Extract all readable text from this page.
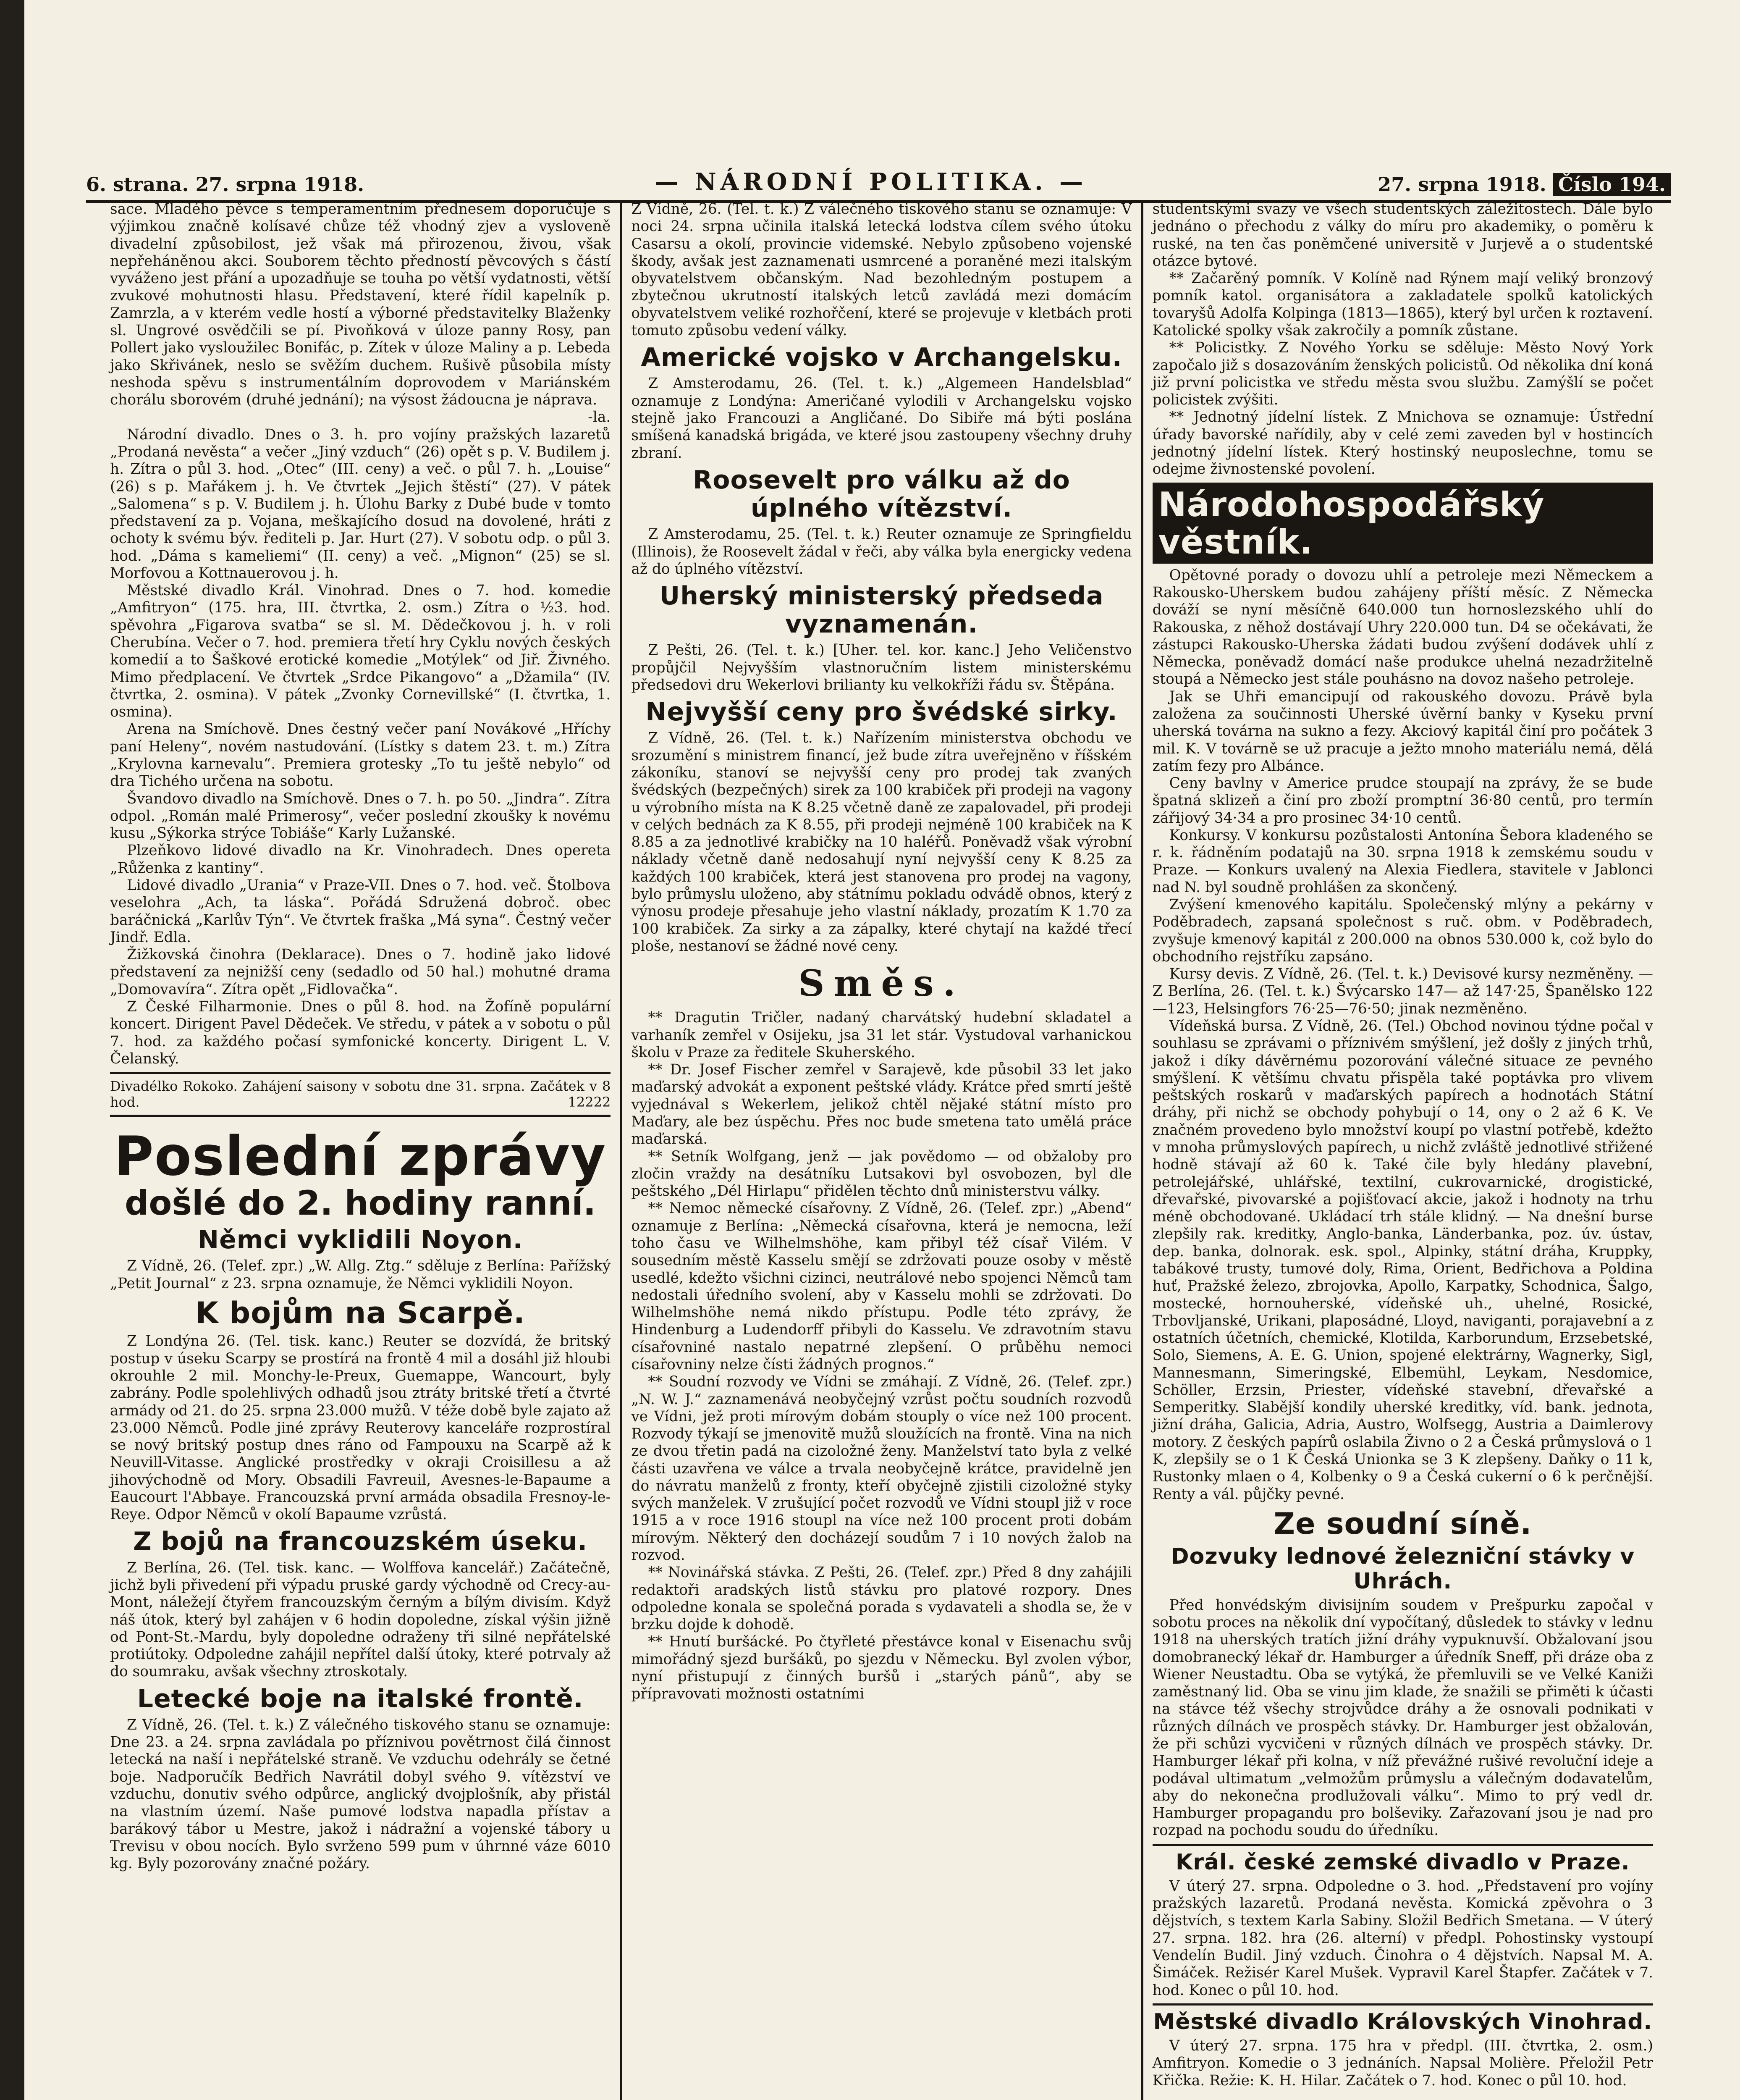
6. strana. 27. srpna 1918.	— NÁRODNÍ POLITIKA. —	27. srpna 1918. Číslo 194.

sace. Mladého pěvce s temperamentním přednesem doporučuje s výjimkou značně kolísavé chůze též vhodný zjev a vysloveně divadelní způsobilost, jež však má přirozenou, živou, však nepřeháněnou akci. Souborem těchto předností pěvcových s částí vyváženo jest přání a upozadňuje se touha po větší vydatnosti, větší zvukové mohutnosti hlasu. Představení, které řídil kapelník p. Zamrzla, a v kterém vedle hostí a výborné představitelky Blaženky sl. Ungrové osvědčili se pí. Pivoňková v úloze panny Rosy, pan Pollert jako vysloužilec Bonifác, p. Zítek v úloze Maliny a p. Lebeda jako Skřivánek, neslo se svěžím duchem. Rušivě působila místy neshoda spěvu s instrumentálním doprovodem v Mariánském chorálu sborovém (druhé jednání); na výsost žádoucna je náprava.

-la.

Národní divadlo. Dnes o 3. h. pro vojíny pražských lazaretů „Prodaná nevěsta“ a večer „Jiný vzduch“ (26) opět s p. V. Budilem j. h. Zítra o půl 3. hod. „Otec“ (III. ceny) a več. o půl 7. h. „Louise“ (26) s p. Mařákem j. h. Ve čtvrtek „Jejich štěstí“ (27). V pátek „Salomena“ s p. V. Budilem j. h. Úlohu Barky z Dubé bude v tomto představení za p. Vojana, meškajícího dosud na dovolené, hráti z ochoty k svému býv. řediteli p. Jar. Hurt (27). V sobotu odp. o půl 3. hod. „Dáma s kameliemi“ (II. ceny) a več. „Mignon“ (25) se sl. Morfovou a Kottnauerovou j. h.

Městské divadlo Král. Vinohrad. Dnes o 7. hod. komedie „Amfitryon“ (175. hra, III. čtvrtka, 2. osm.) Zítra o ½3. hod. spěvohra „Figarova svatba“ se sl. M. Dědečkovou j. h. v roli Cherubína. Večer o 7. hod. premiera třetí hry Cyklu nových českých komedií a to Šaškové erotické komedie „Motýlek“ od Jiř. Živného. Mimo předplacení. Ve čtvrtek „Srdce Pikangovo“ a „Džamila“ (IV. čtvrtka, 2. osmina). V pátek „Zvonky Cornevillské“ (I. čtvrtka, 1. osmina).

Arena na Smíchově. Dnes čestný večer paní Novákové „Hříchy paní Heleny“, novém nastudování. (Lístky s datem 23. t. m.) Zítra „Krylovna karnevalu“. Premiera grotesky „To tu ještě nebylo“ od dra Tichého určena na sobotu.

Švandovo divadlo na Smíchově. Dnes o 7. h. po 50. „Jindra“. Zítra odpol. „Román malé Primerosy“, večer poslední zkoušky k novému kusu „Sýkorka strýce Tobiáše“ Karly Lužanské.

Plzeňkovo lidové divadlo na Kr. Vinohradech. Dnes opereta „Růženka z kantiny“.

Lidové divadlo „Urania“ v Praze-VII. Dnes o 7. hod. več. Štolbova veselohra „Ach, ta láska“. Pořádá Sdružená dobroč. obec baráčnická „Karlův Týn“. Ve čtvrtek fraška „Má syna“. Čestný večer Jindř. Edla.

Žižkovská činohra (Deklarace). Dnes o 7. hodině jako lidové představení za nejnižší ceny (sedadlo od 50 hal.) mohutné drama „Domovavíra“. Zítra opět „Fidlovačka“.

Z České Filharmonie. Dnes o půl 8. hod. na Žofíně populární koncert. Dirigent Pavel Dědeček. Ve středu, v pátek a v sobotu o půl 7. hod. za každého počasí symfonické koncerty. Dirigent L. V. Čelanský.

Divadélko Rokoko. Zahájení saisony v sobotu dne 31. srpna. Začátek v 8 hod.	12222
Poslední zprávy
došlé do 2. hodiny ranní.
Němci vyklidili Noyon.

Z Vídně, 26. (Telef. zpr.) „W. Allg. Ztg.“ sděluje z Berlína: Pařížský „Petit Journal“ z 23. srpna oznamuje, že Němci vyklidili Noyon.

K bojům na Scarpě.

Z Londýna 26. (Tel. tisk. kanc.) Reuter se dozvídá, že britský postup v úseku Scarpy se prostírá na frontě 4 mil a dosáhl již hloubi okrouhle 2 mil. Monchy-le-Preux, Guemappe, Wancourt, byly zabrány. Podle spolehlivých odhadů jsou ztráty britské třetí a čtvrté armády od 21. do 25. srpna 23.000 mužů. V téže době byle zajato až 23.000 Němců. Podle jiné zprávy Reuterovy kanceláře rozprostíral se nový britský postup dnes ráno od Fampouxu na Scarpě až k Neuvill-Vitasse. Anglické prostředky v okraji Croisillesu a až jihovýchodně od Mory. Obsadili Favreuil, Avesnes-le-Bapaume a Eaucourt l'Abbaye. Francouzská první armáda obsadila Fresnoy-le-Reye. Odpor Němců v okolí Bapaume vzrůstá.

Z bojů na francouzském úseku.

Z Berlína, 26. (Tel. tisk. kanc. — Wolffova kancelář.) Začátečně, jichž byli přivedení při výpadu pruské gardy východně od Crecy-au-Mont, náležejí čtyřem francouzským černým a bílým divisím. Když náš útok, který byl zahájen v 6 hodin dopoledne, získal výšin jižně od Pont-St.-Mardu, byly dopoledne odraženy tři silné nepřátelské protiútoky. Odpoledne zahájil nepřítel další útoky, které potrvaly až do soumraku, avšak všechny ztroskotaly.

Letecké boje na italské frontě.

Z Vídně, 26. (Tel. t. k.) Z válečného tiskového stanu se oznamuje: Dne 23. a 24. srpna zavládala po příznivou povětrnost čilá činnost letecká na naší i nepřátelské straně. Ve vzduchu odehrály se četné boje. Nadporučík Bedřich Navrátil dobyl svého 9. vítězství ve vzduchu, donutiv svého odpůrce, anglický dvojplošník, aby přistál na vlastním území. Naše pumové lodstva napadla přístav a barákový tábor u Mestre, jakož i nádražní a vojenské tábory u Trevisu v obou nocích. Bylo svrženo 599 pum v úhrnné váze 6010 kg. Byly pozorovány značné požáry.

Z Vídně, 26. (Tel. t. k.) Z válečného tiskového stanu se oznamuje: V noci 24. srpna učinila italská letecká lodstva cílem svého útoku Casarsu a okolí, provincie videmské. Nebylo způsobeno vojenské škody, avšak jest zaznamenati usmrcené a poraněné mezi italským obyvatelstvem občanským. Nad bezohledným postupem a zbytečnou ukrutností italských letců zavládá mezi domácím obyvatelstvem veliké rozhořčení, které se projevuje v kletbách proti tomuto způsobu vedení války.

Americké vojsko v Archangelsku.

Z Amsterodamu, 26. (Tel. t. k.) „Algemeen Handelsblad“ oznamuje z Londýna: Američané vylodili v Archangelsku vojsko stejně jako Francouzi a Angličané. Do Sibiře má býti poslána smíšená kanadská brigáda, ve které jsou zastoupeny všechny druhy zbraní.

Roosevelt pro válku až do úplného vítězství.

Z Amsterodamu, 25. (Tel. t. k.) Reuter oznamuje ze Springfieldu (Illinois), že Roosevelt žádal v řeči, aby válka byla energicky vedena až do úplného vítězství.

Uherský ministerský předseda vyznamenán.

Z Pešti, 26. (Tel. t. k.) [Uher. tel. kor. kanc.] Jeho Veličenstvo propůjčil Nejvyšším vlastnoručním listem ministerskému předsedovi dru Wekerlovi brilianty ku velkokříži řádu sv. Štěpána.

Nejvyšší ceny pro švédské sirky.

Z Vídně, 26. (Tel. t. k.) Nařízením ministerstva obchodu ve srozumění s ministrem financí, jež bude zítra uveřejněno v říšském zákoníku, stanoví se nejvyšší ceny pro prodej tak zvaných švédských (bezpečných) sirek za 100 krabiček při prodeji na vagony u výrobního místa na K 8.25 včetně daně ze zapalovadel, při prodeji v celých bednách za K 8.55, při prodeji nejméně 100 krabiček na K 8.85 a za jednotlivé krabičky na 10 haléřů. Poněvadž však výrobní náklady včetně daně nedosahují nyní nejvyšší ceny K 8.25 za každých 100 krabiček, která jest stanovena pro prodej na vagony, bylo průmyslu uloženo, aby státnímu pokladu odvádě obnos, který z výnosu prodeje přesahuje jeho vlastní náklady, prozatím K 1.70 za 100 krabiček. Za sirky a za zápalky, které chytají na každé třecí ploše, nestanoví se žádné nové ceny.

Směs.

** Dragutin Tričler, nadaný charvátský hudební skladatel a varhaník zemřel v Osijeku, jsa 31 let stár. Vystudoval varhanickou školu v Praze za ředitele Skuherského.

** Dr. Josef Fischer zemřel v Sarajevě, kde působil 33 let jako maďarský advokát a exponent peštské vlády. Krátce před smrtí ještě vyjednával s Wekerlem, jelikož chtěl nějaké státní místo pro Maďary, ale bez úspěchu. Přes noc bude smetena tato umělá práce maďarská.

** Setník Wolfgang, jenž — jak povědomo — od obžaloby pro zločin vraždy na desátníku Lutsakovi byl osvobozen, byl dle peštského „Dél Hirlapu“ přidělen těchto dnů ministerstvu války.

** Nemoc německé císařovny. Z Vídně, 26. (Telef. zpr.) „Abend“ oznamuje z Berlína: „Německá císařovna, která je nemocna, leží toho času ve Wilhelmshöhe, kam přibyl též císař Vilém. V sousedním městě Kasselu smějí se zdržovati pouze osoby v městě usedlé, kdežto všichni cizinci, neutrálové nebo spojenci Němců tam nedostali úředního svolení, aby v Kasselu mohli se zdržovati. Do Wilhelmshöhe nemá nikdo přístupu. Podle této zprávy, že Hindenburg a Ludendorff přibyli do Kasselu. Ve zdravotním stavu císařovniné nastalo nepatrné zlepšení. O průběhu nemoci císařovniny nelze čísti žádných prognos.“

** Soudní rozvody ve Vídni se zmáhají. Z Vídně, 26. (Telef. zpr.) „N. W. J.“ zaznamenává neobyčejný vzrůst počtu soudních rozvodů ve Vídni, jež proti mírovým dobám stouply o více než 100 procent. Rozvody týkají se jmenovitě mužů sloužících na frontě. Vina na nich ze dvou třetin padá na cizoložné ženy. Manželství tato byla z velké části uzavřena ve válce a trvala neobyčejně krátce, pravidelně jen do návratu manželů z fronty, kteří obyčejně zjistili cizoložné styky svých manželek. V zrušující počet rozvodů ve Vídni stoupl již v roce 1915 a v roce 1916 stoupl na více než 100 procent proti dobám mírovým. Některý den docházejí soudům 7 i 10 nových žalob na rozvod.

** Novinářská stávka. Z Pešti, 26. (Telef. zpr.) Před 8 dny zahájili redaktoři aradských listů stávku pro platové rozpory. Dnes odpoledne konala se společná porada s vydavateli a shodla se, že v brzku dojde k dohodě.

** Hnutí buršácké. Po čtyřleté přestávce konal v Eisenachu svůj mimořádný sjezd buršáků, po sjezdu v Německu. Byl zvolen výbor, nyní přistupují z činných buršů i „starých pánů“, aby se přípravovati možnosti ostatními

studentskými svazy ve všech studentských záležitostech. Dále bylo jednáno o přechodu z války do míru pro akademiky, o poměru k ruské, na ten čas poněmčené universitě v Jurjevě a o studentské otázce bytové.

** Začarěný pomník. V Kolíně nad Rýnem mají veliký bronzový pomník katol. organisátora a zakladatele spolků katolických tovaryšů Adolfa Kolpinga (1813—1865), který byl určen k roztavení. Katolické spolky však zakročily a pomník zůstane.

** Policistky. Z Nového Yorku se sděluje: Město Nový York započalo již s dosazováním ženských policistů. Od několika dní koná již první policistka ve středu města svou službu. Zamýšlí se počet policistek zvýšiti.

** Jednotný jídelní lístek. Z Mnichova se oznamuje: Ústřední úřady bavorské nařídily, aby v celé zemi zaveden byl v hostincích jednotný jídelní lístek. Který hostinský neuposlechne, tomu se odejme živnostenské povolení.

Národohospodářský věstník.

Opětovné porady o dovozu uhlí a petroleje mezi Německem a Rakousko-Uherskem budou zahájeny příští měsíc. Z Německa dováží se nyní měsíčně 640.000 tun hornoslezského uhlí do Rakouska, z něhož dostávají Uhry 220.000 tun. D4 se očekávati, že zástupci Rakousko-Uherska žádati budou zvýšení dodávek uhlí z Německa, poněvadž domácí naše produkce uhelná nezadržitelně stoupá a Německo jest stále pouhásno na dovoz našeho petroleje.

Jak se Uhři emancipují od rakouského dovozu. Právě byla založena za součinnosti Uherské úvěrní banky v Kyseku první uherská továrna na sukno a fezy. Akciový kapitál činí pro počátek 3 mil. K. V továrně se už pracuje a ježto mnoho materiálu nemá, dělá zatím fezy pro Albánce.

Ceny bavlny v Americe prudce stoupají na zprávy, že se bude špatná sklizeň a činí pro zboží promptní 36·80 centů, pro termín zářijový 34·34 a pro prosinec 34·10 centů.

Konkursy. V konkursu pozůstalosti Antonína Šebora kladeného se r. k. řádněním podatajů na 30. srpna 1918 k zemskému soudu v Praze. — Konkurs uvalený na Alexia Fiedlera, stavitele v Jablonci nad N. byl soudně prohlášen za skončený.

Zvýšení kmenového kapitálu. Společenský mlýny a pekárny v Poděbradech, zapsaná společnost s ruč. obm. v Poděbradech, zvyšuje kmenový kapitál z 200.000 na obnos 530.000 k, což bylo do obchodního rejstříku zapsáno.

Kursy devis. Z Vídně, 26. (Tel. t. k.) Devisové kursy nezměněny. — Z Berlína, 26. (Tel. t. k.) Švýcarsko 147— až 147·25, Španělsko 122—123, Helsingfors 76·25—76·50; jinak nezměněno.

Vídeňská bursa. Z Vídně, 26. (Tel.) Obchod novinou týdne počal v souhlasu se zprávami o příznivém smýšlení, jež došly z jiných trhů, jakož i díky dávěrnému pozorování válečné situace ze pevného smýšlení. K většímu chvatu přispěla také poptávka pro vlivem peštských roskarů v maďarských papírech a hodnotách Státní dráhy, při nichž se obchody pohybují o 14, ony o 2 až 6 K. Ve značném provedeno bylo množství koupí po vlastní potřebě, kdežto v mnoha průmyslových papírech, u nichž zvláště jednotlivé střižené hodně stávají až 60 k. Také čile byly hledány plavební, petrolejářské, uhlářské, textilní, cukrovarnické, drogistické, dřevařské, pivovarské a pojišťovací akcie, jakož i hodnoty na trhu méně obchodované. Ukládací trh stále klidný. — Na dnešní burse zlepšily rak. kreditky, Anglo-banka, Länderbanka, poz. úv. ústav, dep. banka, dolnorak. esk. spol., Alpinky, státní dráha, Kruppky, tabákové trusty, tumové doly, Rima, Orient, Bedřichova a Poldina huť, Pražské železo, zbrojovka, Apollo, Karpatky, Schodnica, Šalgo, mostecké, hornouherské, vídeňské uh., uhelné, Rosické, Trbovljanské, Urikani, plaposádné, Lloyd, naviganti, porajavební a z ostatních účetních, chemické, Klotilda, Karborundum, Erzsebetské, Solo, Siemens, A. E. G. Union, spojené elektrárny, Wagnerky, Sigl, Mannesmann, Simeringské, Elbemühl, Leykam, Nesdomice, Schöller, Erzsin, Priester, vídeňské stavební, dřevařské a Semperitky. Slabější kondily uherské kreditky, víd. bank. jednota, jižní dráha, Galicia, Adria, Austro, Wolfsegg, Austria a Daimlerovy motory. Z českých papírů oslabila Živno o 2 a Česká průmyslová o 1 K, zlepšily se o 1 K Česká Unionka se 3 K zlepšeny. Daňky o 11 k, Rustonky mlaen o 4, Kolbenky o 9 a Česká cukerní o 6 k perčnější. Renty a vál. půjčky pevné.

Ze soudní síně.
Dozvuky lednové železniční stávky v Uhrách.

Před honvédským divisijním soudem v Prešpurku započal v sobotu proces na několik dní vypočítaný, důsledek to stávky v lednu 1918 na uherských tratích jižní dráhy vypuknuvší. Obžalovaní jsou domobranecký lékař dr. Hamburger a úředník Sneff, při dráze oba z Wiener Neustadtu. Oba se vytýká, že přemluvili se ve Velké Kaniži zaměstnaný lid. Oba se vinu jim klade, že snažili se přiměti k účasti na stávce též všechy strojvůdce dráhy a že osnovali podnikati v různých dílnách ve prospěch stávky. Dr. Hamburger jest obžalován, že při schůzi vycvičeni v různých dílnách ve prospěch stávky. Dr. Hamburger lékař při kolna, v níž převážné rušivé revoluční ideje a podával ultimatum „velmožům průmyslu a válečným dodavatelům, aby do nekonečna prodlužovali válku“. Mimo to prý vedl dr. Hamburger propagandu pro bolševiky. Zařazovaní jsou je nad pro rozpad na pochodu soudu do úředníku.

Král. české zemské divadlo v Praze.

V úterý 27. srpna. Odpoledne o 3. hod. „Představení pro vojíny pražských lazaretů. Prodaná nevěsta. Komická zpěvohra o 3 dějstvích, s textem Karla Sabiny. Složil Bedřich Smetana. — V úterý 27. srpna. 182. hra (26. alterní) v předpl. Pohostinsky vystoupí Vendelín Budil. Jiný vzduch. Činohra o 4 dějstvích. Napsal M. A. Šimáček. Režisér Karel Mušek. Vypravil Karel Štapfer. Začátek v 7. hod. Konec o půl 10. hod.

Městské divadlo Královských Vinohrad.

V úterý 27. srpna. 175 hra v předpl. (III. čtvrtka, 2. osm.) Amfitryon. Komedie o 3 jednáních. Napsal Molière. Přeložil Petr Křička. Režie: K. H. Hilar. Začátek o 7. hod. Konec o půl 10. hod.
